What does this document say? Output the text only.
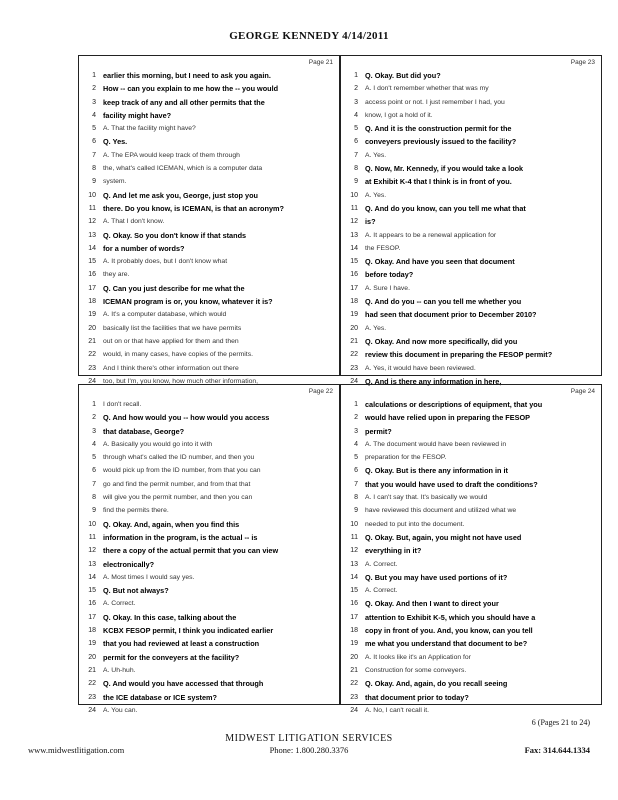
GEORGE KENNEDY 4/14/2011
Page 21
1 earlier this morning, but I need to ask you again.
2 How -- can you explain to me how the -- you would
3 keep track of any and all other permits that the
4 facility might have?
5 A. That the facility might have?
6 Q. Yes.
7 A. The EPA would keep track of them through
8 the, what's called ICEMAN, which is a computer data
9 system.
10 Q. And let me ask you, George, just stop you
11 there. Do you know, is ICEMAN, is that an acronym?
12 A. That I don't know.
13 Q. Okay. So you don't know if that stands
14 for a number of words?
15 A. It probably does, but I don't know what
16 they are.
17 Q. Can you just describe for me what the
18 ICEMAN program is or, you know, whatever it is?
19 A. It's a computer database, which would
20 basically list the facilities that we have permits
21 out on or that have applied for them and then
22 would, in many cases, have copies of the permits.
23 And I think there's other information out there
24 too, but I'm, you know, how much other information,
Page 23
1 Q. Okay. But did you?
2 A. I don't remember whether that was my
3 access point or not. I just remember I had, you
4 know, I got a hold of it.
5 Q. And it is the construction permit for the
6 conveyers previously issued to the facility?
7 A. Yes.
8 Q. Now, Mr. Kennedy, if you would take a look
9 at Exhibit K-4 that I think is in front of you.
10 A. Yes.
11 Q. And do you know, can you tell me what that
12 is?
13 A. It appears to be a renewal application for
14 the FESOP.
15 Q. Okay. And have you seen that document
16 before today?
17 A. Sure I have.
18 Q. And do you -- can you tell me whether you
19 had seen that document prior to December 2010?
20 A. Yes.
21 Q. Okay. And now more specifically, did you
22 review this document in preparing the FESOP permit?
23 A. Yes, it would have been reviewed.
24 Q. And is there any information in here,
Page 22
1 I don't recall.
2 Q. And how would you -- how would you access
3 that database, George?
4 A. Basically you would go into it with
5 through what's called the ID number, and then you
6 would pick up from the ID number, from that you can
7 go and find the permit number, and from that that
8 will give you the permit number, and then you can
9 find the permits there.
10 Q. Okay. And, again, when you find this
11 information in the program, is the actual -- is
12 there a copy of the actual permit that you can view
13 electronically?
14 A. Most times I would say yes.
15 Q. But not always?
16 A. Correct.
17 Q. Okay. In this case, talking about the
18 KCBX FESOP permit, I think you indicated earlier
19 that you had reviewed at least a construction
20 permit for the conveyers at the facility?
21 A. Uh-huh.
22 Q. And would you have accessed that through
23 the ICE database or ICE system?
24 A. You can.
Page 24
1 calculations or descriptions of equipment, that you
2 would have relied upon in preparing the FESOP
3 permit?
4 A. The document would have been reviewed in
5 preparation for the FESOP.
6 Q. Okay. But is there any information in it
7 that you would have used to draft the conditions?
8 A. I can't say that. It's basically we would
9 have reviewed this document and utilized what we
10 needed to put into the document.
11 Q. Okay. But, again, you might not have used
12 everything in it?
13 A. Correct.
14 Q. But you may have used portions of it?
15 A. Correct.
16 Q. Okay. And then I want to direct your
17 attention to Exhibit K-5, which you should have a
18 copy in front of you. And, you know, can you tell
19 me what you understand that document to be?
20 A. It looks like it's an Application for
21 Construction for some conveyers.
22 Q. Okay. And, again, do you recall seeing
23 that document prior to today?
24 A. No, I can't recall it.
6 (Pages 21 to 24)
MIDWEST LITIGATION SERVICES
www.midwestlitigation.com	Phone: 1.800.280.3376	Fax: 314.644.1334
